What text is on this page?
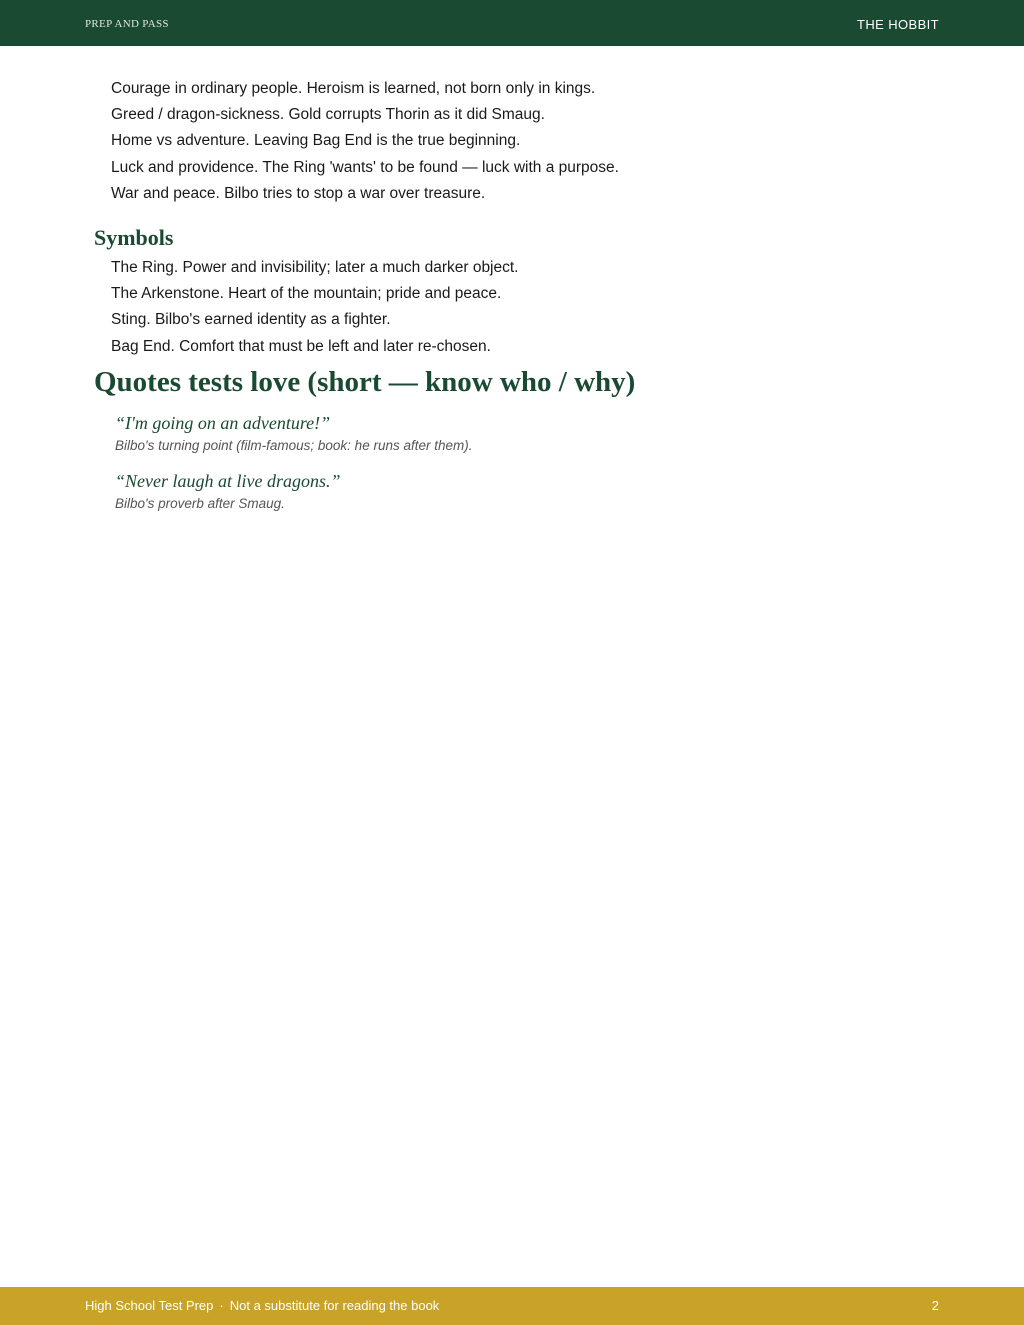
PREP AND PASS	THE HOBBIT
Courage in ordinary people. Heroism is learned, not born only in kings.
Greed / dragon-sickness. Gold corrupts Thorin as it did Smaug.
Home vs adventure. Leaving Bag End is the true beginning.
Luck and providence. The Ring 'wants' to be found — luck with a purpose.
War and peace. Bilbo tries to stop a war over treasure.
Symbols
The Ring. Power and invisibility; later a much darker object.
The Arkenstone. Heart of the mountain; pride and peace.
Sting. Bilbo's earned identity as a fighter.
Bag End. Comfort that must be left and later re-chosen.
Quotes tests love (short — know who / why)
“I'm going on an adventure!”
Bilbo's turning point (film-famous; book: he runs after them).
“Never laugh at live dragons.”
Bilbo's proverb after Smaug.
High School Test Prep · Not a substitute for reading the book	2
